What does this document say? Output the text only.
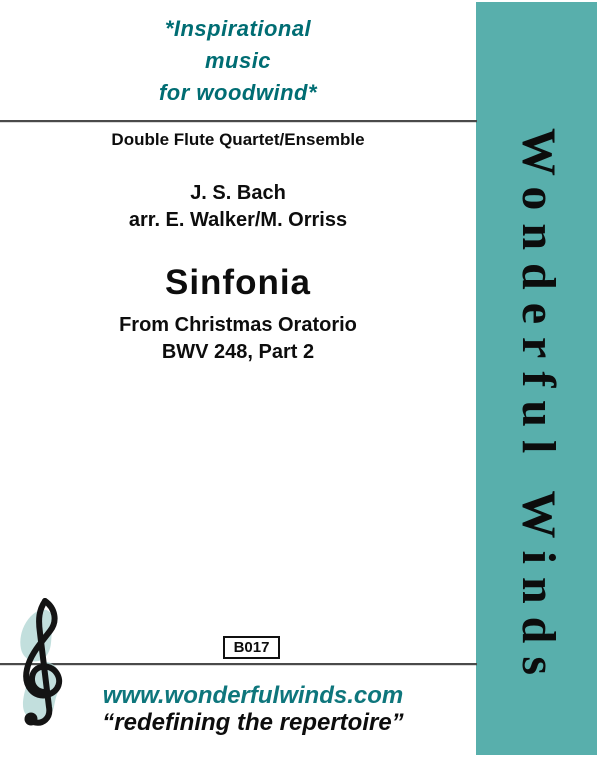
*Inspirational
music
for woodwind*
Double Flute Quartet/Ensemble
J. S. Bach
arr. E. Walker/M. Orriss
Sinfonia
From Christmas Oratorio
BWV 248, Part 2	Wonderful Winds
B017
www.wonderfulwinds.com
“redefining the repertoire”
